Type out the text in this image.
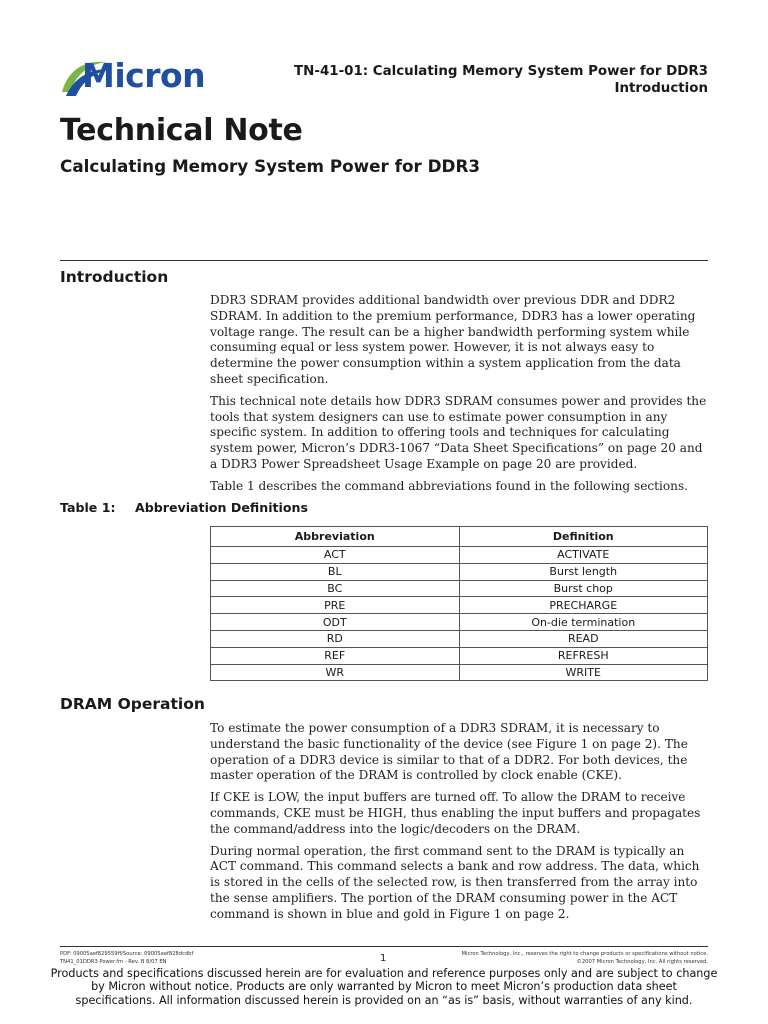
Micron	TN-41-01: Calculating Memory System Power for DDR3
Introduction
Technical Note
Calculating Memory System Power for DDR3
Introduction

DDR3 SDRAM provides additional bandwidth over previous DDR and DDR2 SDRAM. In addition to the premium performance, DDR3 has a lower operating voltage range. The result can be a higher bandwidth performing system while consuming equal or less system power. However, it is not always easy to determine the power consumption within a system application from the data sheet specification.

This technical note details how DDR3 SDRAM consumes power and provides the tools that system designers can use to estimate power consumption in any specific system. In addition to offering tools and techniques for calculating system power, Micron’s DDR3-1067 “Data Sheet Specifications” on page 20 and a DDR3 Power Spreadsheet Usage Example on page 20 are provided.

Table 1 describes the command abbreviations found in the following sections.

Table 1: Abbreviation Definitions
Abbreviation	Definition
ACT	ACTIVATE
BL	Burst length
BC	Burst chop
PRE	PRECHARGE
ODT	On-die termination
RD	READ
REF	REFRESH
WR	WRITE
DRAM Operation

To estimate the power consumption of a DDR3 SDRAM, it is necessary to understand the basic functionality of the device (see Figure 1 on page 2). The operation of a DDR3 device is similar to that of a DDR2. For both devices, the master operation of the DRAM is controlled by clock enable (CKE).

If CKE is LOW, the input buffers are turned off. To allow the DRAM to receive commands, CKE must be HIGH, thus enabling the input buffers and propagates the command/address into the logic/decoders on the DRAM.

During normal operation, the first command sent to the DRAM is typically an ACT command. This command selects a bank and row address. The data, which is stored in the cells of the selected row, is then transferred from the array into the sense amplifiers. The portion of the DRAM consuming power in the ACT command is shown in blue and gold in Figure 1 on page 2.

PDF: 09005aef829559ff/Source: 09005aef828dcdbf
TN41_01DDR3 Power.fm - Rev. B 8/07 EN	1	Micron Technology, Inc., reserves the right to change products or specifications without notice.
©2007 Micron Technology, Inc. All rights reserved.
Products and specifications discussed herein are for evaluation and reference purposes only and are subject to change by Micron without notice. Products are only warranted by Micron to meet Micron’s production data sheet specifications. All information discussed herein is provided on an “as is” basis, without warranties of any kind.
